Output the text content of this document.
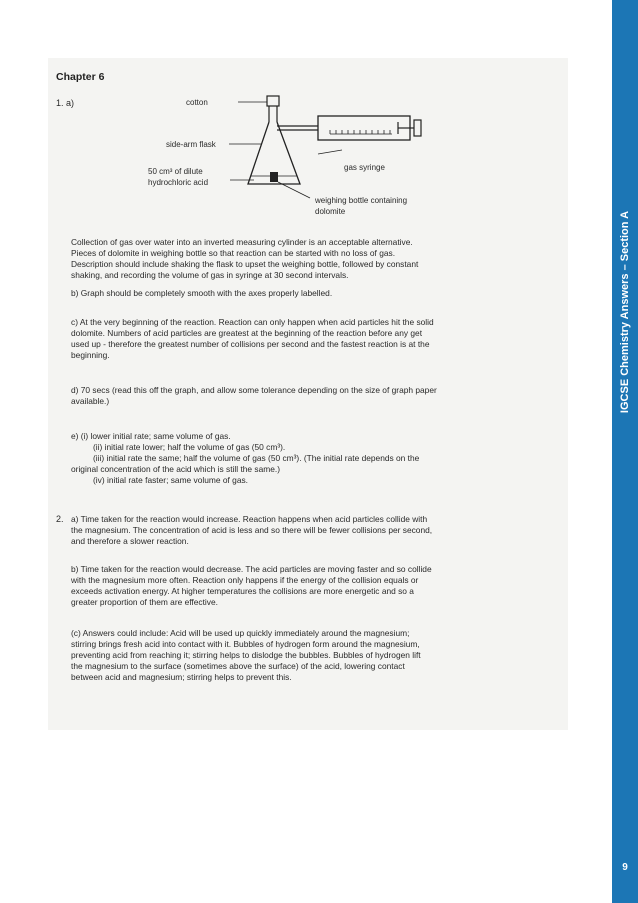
IGCSE Chemistry Answers – Section A
9
Chapter 6
1. a)	cotton
side-arm flask
50 cm³ of dilute
hydrochloric acid
gas syringe
weighing bottle containing
dolomite

Collection of gas over water into an inverted measuring cylinder is an acceptable alternative.
Pieces of dolomite in weighing bottle so that reaction can be started with no loss of gas.
Description should include shaking the flask to upset the weighing bottle, followed by constant
shaking, and recording the volume of gas in syringe at 30 second intervals.

b) Graph should be completely smooth with the axes properly labelled.

c) At the very beginning of the reaction. Reaction can only happen when acid particles hit the solid
dolomite. Numbers of acid particles are greatest at the beginning of the reaction before any get
used up - therefore the greatest number of collisions per second and the fastest reaction is at the
beginning.

d) 70 secs (read this off the graph, and allow some tolerance depending on the size of graph paper
available.)

e) (i) lower initial rate; same volume of gas.
(ii) initial rate lower; half the volume of gas (50 cm³).
(iii) initial rate the same; half the volume of gas (50 cm³). (The initial rate depends on the
original concentration of the acid which is still the same.)
(iv) initial rate faster; same volume of gas.

2. a) Time taken for the reaction would increase. Reaction happens when acid particles collide with
the magnesium. The concentration of acid is less and so there will be fewer collisions per second,
and therefore a slower reaction.

b) Time taken for the reaction would decrease. The acid particles are moving faster and so collide
with the magnesium more often. Reaction only happens if the energy of the collision equals or
exceeds activation energy. At higher temperatures the collisions are more energetic and so a
greater proportion of them are effective.

(c) Answers could include: Acid will be used up quickly immediately around the magnesium;
stirring brings fresh acid into contact with it. Bubbles of hydrogen form around the magnesium,
preventing acid from reaching it; stirring helps to dislodge the bubbles. Bubbles of hydrogen lift
the magnesium to the surface (sometimes above the surface) of the acid, lowering contact
between acid and magnesium; stirring helps to prevent this.
